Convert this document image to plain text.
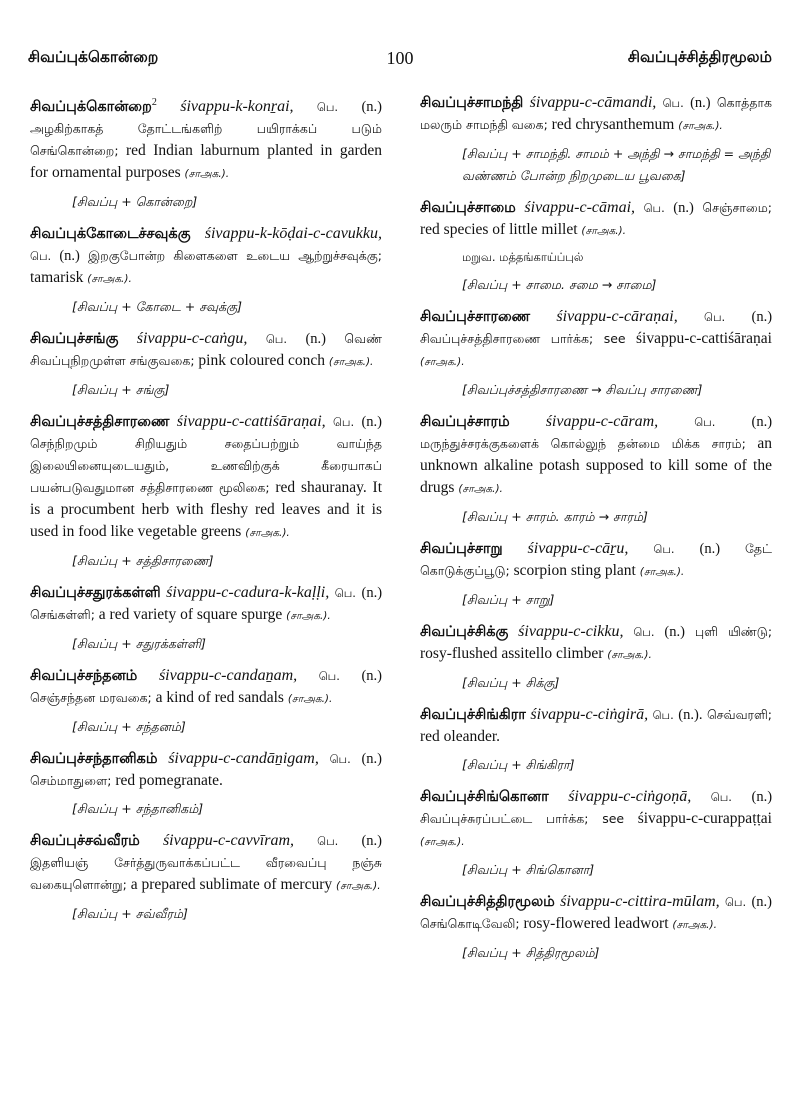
சிவப்புக்கொன்றை	100	சிவப்புச்சித்திரமூலம்

சிவப்புக்கொன்றை$^2$ śivappu-k-konṟai, பெ. (n.) அழகிற்காகத் தோட்டங்களிற் பயிராக்கப் படும் செங்கொன்றை; red Indian laburnum planted in garden for ornamental purposes (சாஅக.).

[சிவப்பு + கொன்றை]

சிவப்புக்கோடைச்சவுக்கு śivappu-k-kōḍai-c-cavukku, பெ. (n.) இறகுபோன்ற கிளைகளை உடைய ஆற்றுச்சவுக்கு; tamarisk (சாஅக.).

[சிவப்பு + கோடை + சவுக்கு]

சிவப்புச்சங்கு śivappu-c-caṅgu, பெ. (n.) வெண் சிவப்புநிறமுள்ள சங்குவகை; pink coloured conch (சாஅக.).

[சிவப்பு + சங்கு]

சிவப்புச்சத்திசாரணை śivappu-c-cattiśāraṇai, பெ. (n.) செந்நிறமும் சிறியதும் சதைப்பற்றும் வாய்ந்த இலையினையுடையதும், உணவிற்குக் கீரையாகப் பயன்படுவதுமான சத்திசாரணை மூலிகை; red shauranay. It is a procumbent herb with fleshy red leaves and it is used in food like vegetable greens (சாஅக.).

[சிவப்பு + சத்திசாரணை]

சிவப்புச்சதுரக்கள்ளி śivappu-c-cadura-k-kaḷḷi, பெ. (n.) செங்கள்ளி; a red variety of square spurge (சாஅக.).

[சிவப்பு + சதுரக்கள்ளி]

சிவப்புச்சந்தனம் śivappu-c-candaṉam, பெ. (n.) செஞ்சந்தன மரவகை; a kind of red sandals (சாஅக.).

[சிவப்பு + சந்தனம்]

சிவப்புச்சந்தானிகம் śivappu-c-candāṉigam, பெ. (n.) செம்மாதுளை; red pomegranate.

[சிவப்பு + சந்தானிகம்]

சிவப்புச்சவ்வீரம் śivappu-c-cavvīram, பெ. (n.) இதளியஞ் சேர்த்துருவாக்கப்பட்ட வீரவைப்பு நஞ்சு வகையுளொன்று; a prepared sublimate of mercury (சாஅக.).

[சிவப்பு + சவ்வீரம்]

சிவப்புச்சாமந்தி śivappu-c-cāmandi, பெ. (n.) கொத்தாக மலரும் சாமந்தி வகை; red chrysanthemum (சாஅக.).

[சிவப்பு + சாமந்தி. சாமம் + அந்தி → சாமந்தி = அந்தி வண்ணம் போன்ற நிறமுடைய பூவகை]

சிவப்புச்சாமை śivappu-c-cāmai, பெ. (n.) செஞ்சாமை; red species of little millet (சாஅக.).

மறுவ. மத்தங்காய்ப்புல்
[சிவப்பு + சாமை. சமை → சாமை]

சிவப்புச்சாரணை śivappu-c-cāraṇai, பெ. (n.) சிவப்புச்சத்திசாரணை பார்க்க; see śivappu-c-cattiśāraṇai (சாஅக.).

[சிவப்புச்சத்திசாரணை → சிவப்பு சாரணை]

சிவப்புச்சாரம் śivappu-c-cāram,	பெ. (n.) மருந்துச்சரக்குகளைக் கொல்லுந் தன்மை மிக்க சாரம்; an unknown alkaline potash supposed to kill some of the drugs (சாஅக.).

[சிவப்பு + சாரம். காரம் → சாரம்]

சிவப்புச்சாறு śivappu-c-cāṟu, பெ. (n.) தேட் கொடுக்குப்பூடு; scorpion sting plant (சாஅக.).

[சிவப்பு + சாறு]

சிவப்புச்சிக்கு śivappu-c-cikku, பெ. (n.) புளி யிண்டு; rosy-flushed assitello climber (சாஅக.).

[சிவப்பு + சிக்கு]

சிவப்புச்சிங்கிரா śivappu-c-ciṅgirā, பெ. (n.). செவ்வரளி; red oleander.

[சிவப்பு + சிங்கிரா]

சிவப்புச்சிங்கொனா śivappu-c-ciṅgoṇā, பெ. (n.) சிவப்புச்சுரப்பட்டை பார்க்க; see śivappu-c-curappaṭṭai (சாஅக.).

[சிவப்பு + சிங்கொனா]

சிவப்புச்சித்திரமூலம் śivappu-c-cittira-mūlam, பெ. (n.) செங்கொடிவேலி; rosy-flowered leadwort (சாஅக.).

[சிவப்பு + சித்திரமூலம்]
